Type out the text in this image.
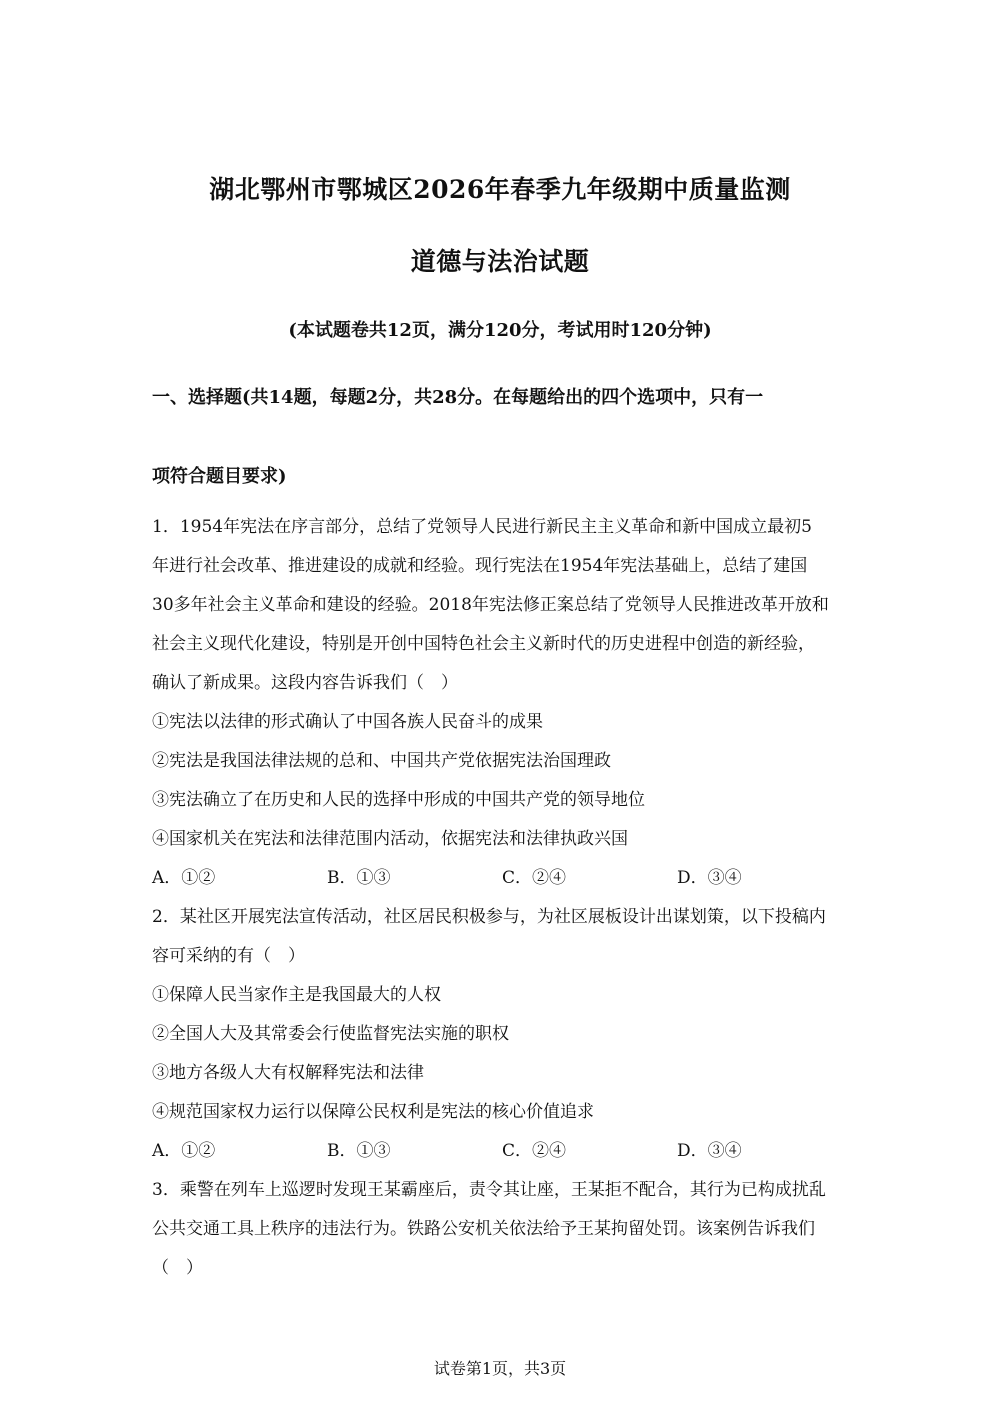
湖北鄂州市鄂城区2026年春季九年级期中质量监测
道德与法治试题
(本试题卷共12页，满分120分，考试用时120分钟)
一、选择题(共14题，每题2分，共28分。在每题给出的四个选项中，只有一
项符合题目要求)
1．1954年宪法在序言部分，总结了党领导人民进行新民主主义革命和新中国成立最初5
年进行社会改革、推进建设的成就和经验。现行宪法在1954年宪法基础上，总结了建国
30多年社会主义革命和建设的经验。2018年宪法修正案总结了党领导人民推进改革开放和
社会主义现代化建设，特别是开创中国特色社会主义新时代的历史进程中创造的新经验，
确认了新成果。这段内容告诉我们（　）
①宪法以法律的形式确认了中国各族人民奋斗的成果
②宪法是我国法律法规的总和、中国共产党依据宪法治国理政
③宪法确立了在历史和人民的选择中形成的中国共产党的领导地位
④国家机关在宪法和法律范围内活动，依据宪法和法律执政兴国
A．①②	B．①③	C．②④	D．③④
2．某社区开展宪法宣传活动，社区居民积极参与，为社区展板设计出谋划策，以下投稿内
容可采纳的有（　）
①保障人民当家作主是我国最大的人权
②全国人大及其常委会行使监督宪法实施的职权
③地方各级人大有权解释宪法和法律
④规范国家权力运行以保障公民权利是宪法的核心价值追求
A．①②	B．①③	C．②④	D．③④
3．乘警在列车上巡逻时发现王某霸座后，责令其让座，王某拒不配合，其行为已构成扰乱
公共交通工具上秩序的违法行为。铁路公安机关依法给予王某拘留处罚。该案例告诉我们
（　）
试卷第1页，共3页
